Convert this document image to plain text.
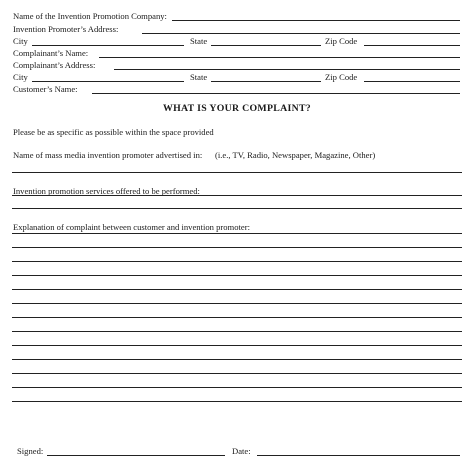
Name of the Invention Promotion Company:
Invention Promoter’s Address:
City	State	Zip Code
Complainant’s Name:
Complainant’s Address:
City	State	Zip Code
Customer’s Name:
WHAT IS YOUR COMPLAINT?
Please be as specific as possible within the space provided
Name of mass media invention promoter advertised in: (i.e., TV, Radio, Newspaper, Magazine, Other)
Invention promotion services offered to be performed:
Explanation of complaint between customer and invention promoter:
Signed:	Date:
